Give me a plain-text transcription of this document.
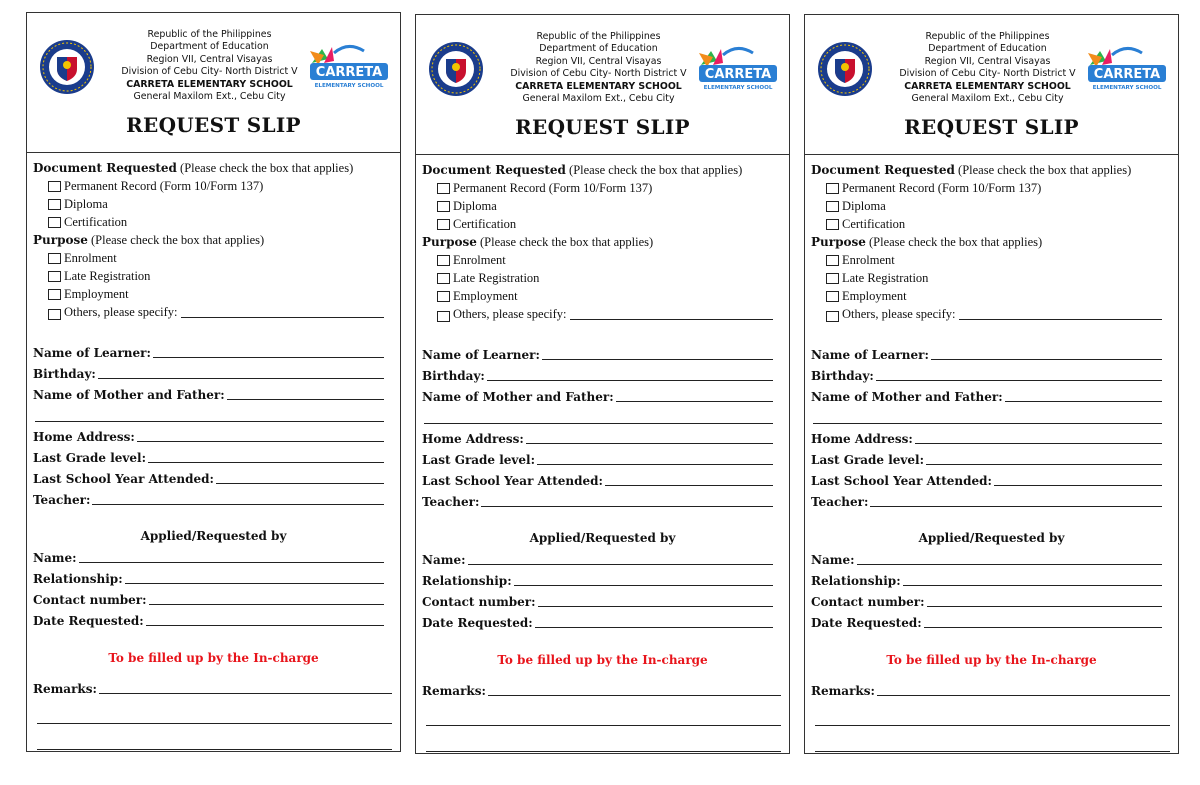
Republic of the Philippines
Department of Education
Region VII, Central Visayas
Division of Cebu City- North District V
CARRETA ELEMENTARY SCHOOL
General Maxilom Ext., Cebu City
CARRETA
ELEMENTARY SCHOOL
REQUEST SLIP
Document Requested (Please check the box that applies)
Permanent Record (Form 10/Form 137)
Diploma
Certification
Purpose (Please check the box that applies)
Enrolment
Late Registration
Employment
Others, please specify:
Name of Learner:
Birthday:
Name of Mother and Father:
Home Address:
Last Grade level:
Last School Year Attended:
Teacher:
Applied/Requested by
Name:
Relationship:
Contact number:
Date Requested:
To be filled up by the In-charge
Remarks:
Republic of the Philippines
Department of Education
Region VII, Central Visayas
Division of Cebu City- North District V
CARRETA ELEMENTARY SCHOOL
General Maxilom Ext., Cebu City
CARRETA
ELEMENTARY SCHOOL
REQUEST SLIP
Document Requested (Please check the box that applies)
Permanent Record (Form 10/Form 137)
Diploma
Certification
Purpose (Please check the box that applies)
Enrolment
Late Registration
Employment
Others, please specify:
Name of Learner:
Birthday:
Name of Mother and Father:
Home Address:
Last Grade level:
Last School Year Attended:
Teacher:
Applied/Requested by
Name:
Relationship:
Contact number:
Date Requested:
To be filled up by the In-charge
Remarks:
Republic of the Philippines
Department of Education
Region VII, Central Visayas
Division of Cebu City- North District V
CARRETA ELEMENTARY SCHOOL
General Maxilom Ext., Cebu City
CARRETA
ELEMENTARY SCHOOL
REQUEST SLIP
Document Requested (Please check the box that applies)
Permanent Record (Form 10/Form 137)
Diploma
Certification
Purpose (Please check the box that applies)
Enrolment
Late Registration
Employment
Others, please specify:
Name of Learner:
Birthday:
Name of Mother and Father:
Home Address:
Last Grade level:
Last School Year Attended:
Teacher:
Applied/Requested by
Name:
Relationship:
Contact number:
Date Requested:
To be filled up by the In-charge
Remarks:
